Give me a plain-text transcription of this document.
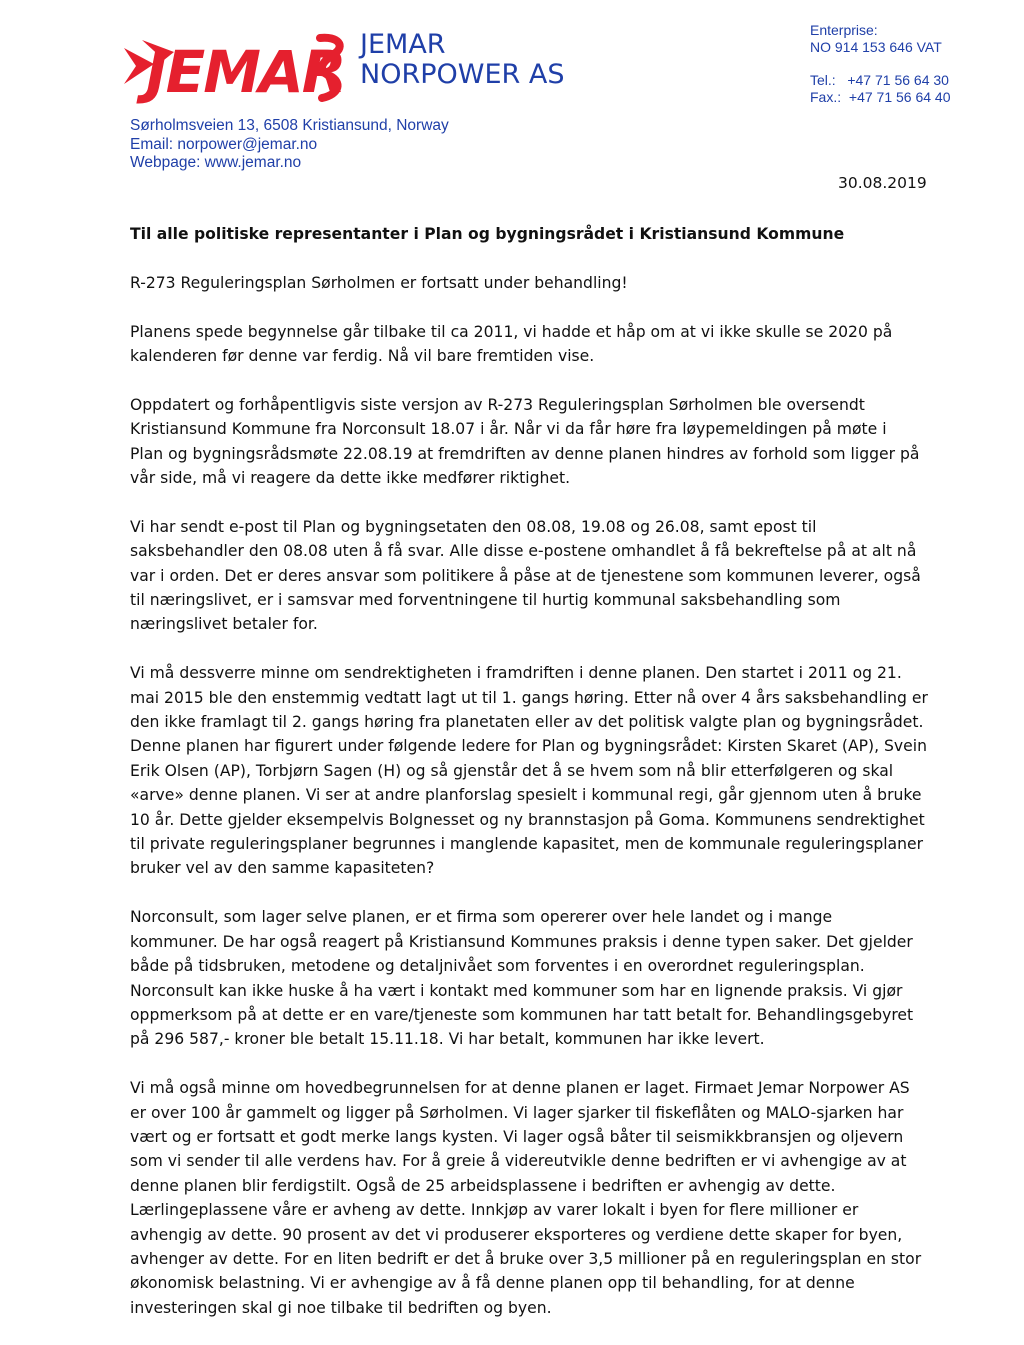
JEMAR JEMAR
NORPOWER AS
Enterprise:
NO 914 153 646 VAT
Tel.:   +47 71 56 64 30
Fax.:  +47 71 56 64 40
Sørholmsveien 13, 6508 Kristiansund, Norway
Email: norpower@jemar.no
Webpage: www.jemar.no
30.08.2019

Til alle politiske representanter i Plan og bygningsrådet i Kristiansund Kommune

R-273 Reguleringsplan Sørholmen er fortsatt under behandling!

Planens spede begynnelse går tilbake til ca 2011, vi hadde et håp om at vi ikke skulle se 2020 på
kalenderen før denne var ferdig. Nå vil bare fremtiden vise.

Oppdatert og forhåpentligvis siste versjon av R-273 Reguleringsplan Sørholmen ble oversendt
Kristiansund Kommune fra Norconsult 18.07 i år. Når vi da får høre fra løypemeldingen på møte i
Plan og bygningsrådsmøte 22.08.19 at fremdriften av denne planen hindres av forhold som ligger på
vår side, må vi reagere da dette ikke medfører riktighet.

Vi har sendt e-post til Plan og bygningsetaten den 08.08, 19.08 og 26.08, samt epost til
saksbehandler den 08.08 uten å få svar. Alle disse e-postene omhandlet å få bekreftelse på at alt nå
var i orden. Det er deres ansvar som politikere å påse at de tjenestene som kommunen leverer, også
til næringslivet, er i samsvar med forventningene til hurtig kommunal saksbehandling som
næringslivet betaler for.

Vi må dessverre minne om sendrektigheten i framdriften i denne planen. Den startet i 2011 og 21.
mai 2015 ble den enstemmig vedtatt lagt ut til 1. gangs høring. Etter nå over 4 års saksbehandling er
den ikke framlagt til 2. gangs høring fra planetaten eller av det politisk valgte plan og bygningsrådet.
Denne planen har figurert under følgende ledere for Plan og bygningsrådet: Kirsten Skaret (AP), Svein
Erik Olsen (AP), Torbjørn Sagen (H) og så gjenstår det å se hvem som nå blir etterfølgeren og skal
«arve» denne planen. Vi ser at andre planforslag spesielt i kommunal regi, går gjennom uten å bruke
10 år. Dette gjelder eksempelvis Bolgnesset og ny brannstasjon på Goma. Kommunens sendrektighet
til private reguleringsplaner begrunnes i manglende kapasitet, men de kommunale reguleringsplaner
bruker vel av den samme kapasiteten?

Norconsult, som lager selve planen, er et firma som opererer over hele landet og i mange
kommuner. De har også reagert på Kristiansund Kommunes praksis i denne typen saker. Det gjelder
både på tidsbruken, metodene og detaljnivået som forventes i en overordnet reguleringsplan.
Norconsult kan ikke huske å ha vært i kontakt med kommuner som har en lignende praksis. Vi gjør
oppmerksom på at dette er en vare/tjeneste som kommunen har tatt betalt for. Behandlingsgebyret
på 296 587,- kroner ble betalt 15.11.18. Vi har betalt, kommunen har ikke levert.

Vi må også minne om hovedbegrunnelsen for at denne planen er laget. Firmaet Jemar Norpower AS
er over 100 år gammelt og ligger på Sørholmen. Vi lager sjarker til fiskeflåten og MALO-sjarken har
vært og er fortsatt et godt merke langs kysten. Vi lager også båter til seismikkbransjen og oljevern
som vi sender til alle verdens hav. For å greie å videreutvikle denne bedriften er vi avhengige av at
denne planen blir ferdigstilt. Også de 25 arbeidsplassene i bedriften er avhengig av dette.
Lærlingeplassene våre er avheng av dette. Innkjøp av varer lokalt i byen for flere millioner er
avhengig av dette. 90 prosent av det vi produserer eksporteres og verdiene dette skaper for byen,
avhenger av dette. For en liten bedrift er det å bruke over 3,5 millioner på en reguleringsplan en stor
økonomisk belastning. Vi er avhengige av å få denne planen opp til behandling, for at denne
investeringen skal gi noe tilbake til bedriften og byen.
